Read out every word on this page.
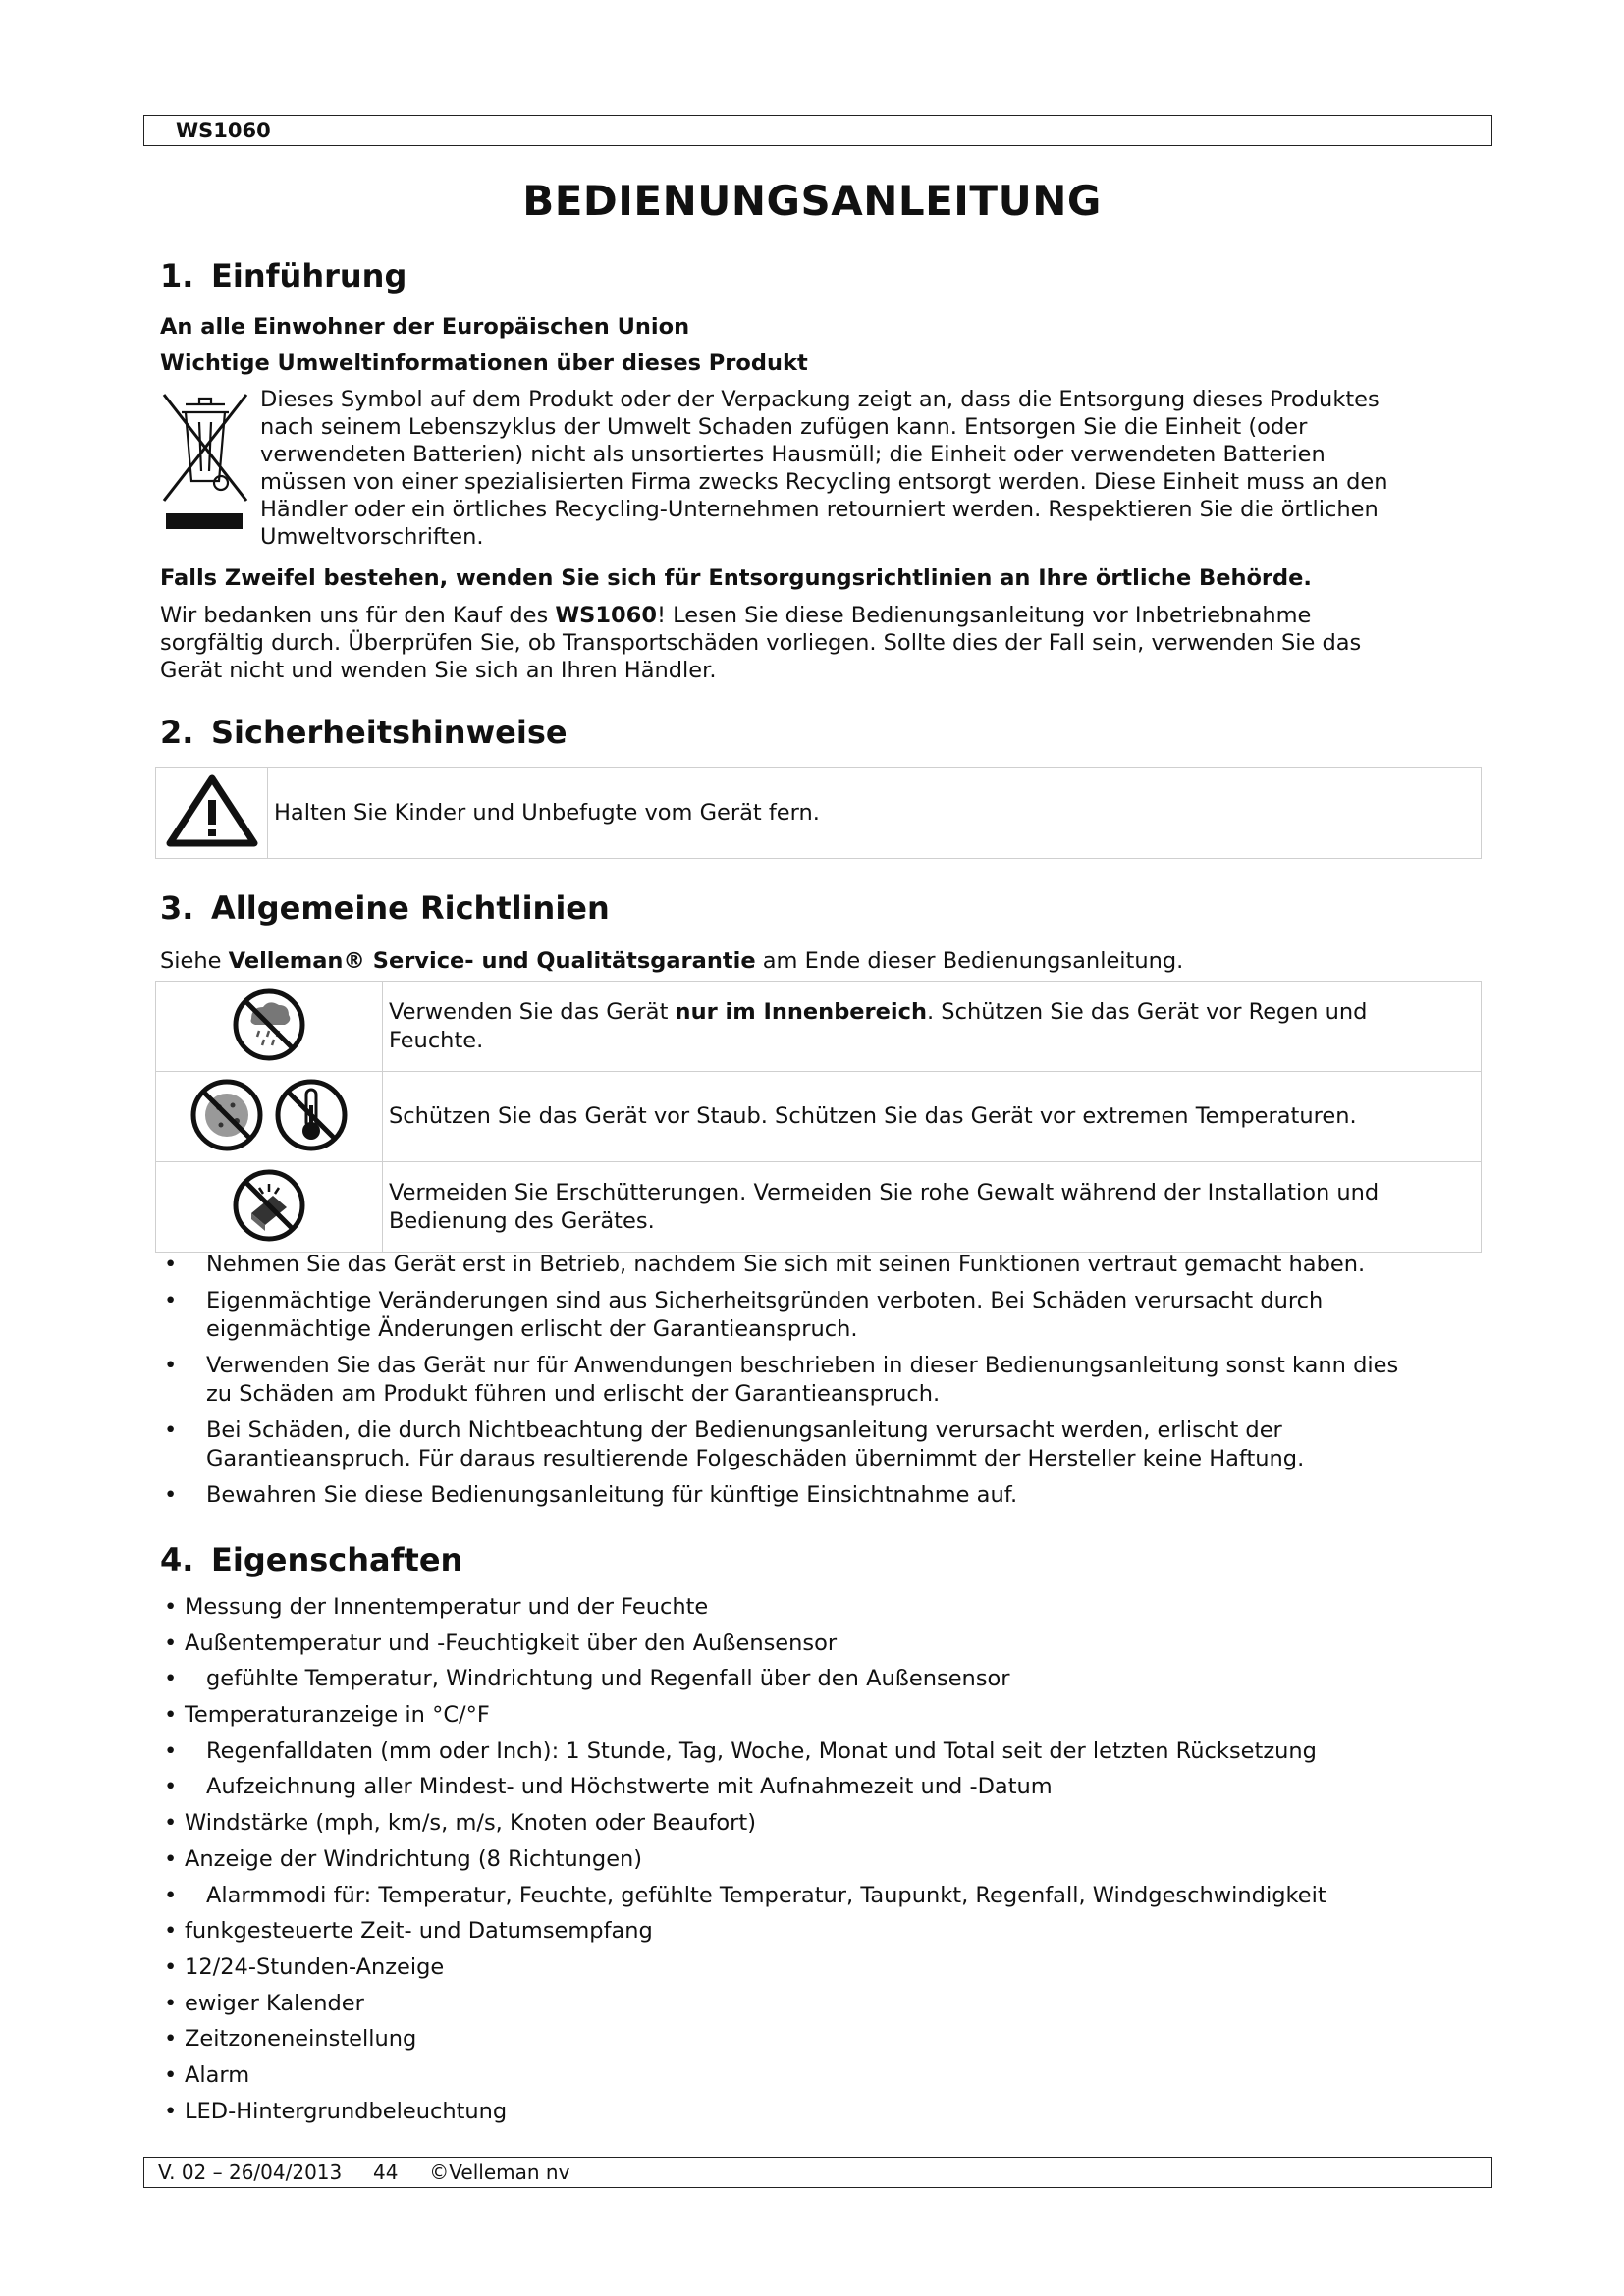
WS1060
BEDIENUNGSANLEITUNG
1. Einführung
An alle Einwohner der Europäischen Union
Wichtige Umweltinformationen über dieses Produkt
Dieses Symbol auf dem Produkt oder der Verpackung zeigt an, dass die Entsorgung dieses Produktes
nach seinem Lebenszyklus der Umwelt Schaden zufügen kann. Entsorgen Sie die Einheit (oder
verwendeten Batterien) nicht als unsortiertes Hausmüll; die Einheit oder verwendeten Batterien
müssen von einer spezialisierten Firma zwecks Recycling entsorgt werden. Diese Einheit muss an den
Händler oder ein örtliches Recycling-Unternehmen retourniert werden. Respektieren Sie die örtlichen
Umweltvorschriften.
Falls Zweifel bestehen, wenden Sie sich für Entsorgungsrichtlinien an Ihre örtliche Behörde.
Wir bedanken uns für den Kauf des WS1060! Lesen Sie diese Bedienungsanleitung vor Inbetriebnahme
sorgfältig durch. Überprüfen Sie, ob Transportschäden vorliegen. Sollte dies der Fall sein, verwenden Sie das
Gerät nicht und wenden Sie sich an Ihren Händler.
2. Sicherheitshinweise

Halten Sie Kinder und Unbefugte vom Gerät fern.
3. Allgemeine Richtlinien
Siehe Velleman® Service- und Qualitätsgarantie am Ende dieser Bedienungsanleitung.

Verwenden Sie das Gerät nur im Innenbereich. Schützen Sie das Gerät vor Regen und
Feuchte.

Schützen Sie das Gerät vor Staub. Schützen Sie das Gerät vor extremen Temperaturen.

Vermeiden Sie Erschütterungen. Vermeiden Sie rohe Gewalt während der Installation und
Bedienung des Gerätes.
• Nehmen Sie das Gerät erst in Betrieb, nachdem Sie sich mit seinen Funktionen vertraut gemacht haben.
• Eigenmächtige Veränderungen sind aus Sicherheitsgründen verboten. Bei Schäden verursacht durch
eigenmächtige Änderungen erlischt der Garantieanspruch.
• Verwenden Sie das Gerät nur für Anwendungen beschrieben in dieser Bedienungsanleitung sonst kann dies
zu Schäden am Produkt führen und erlischt der Garantieanspruch.
• Bei Schäden, die durch Nichtbeachtung der Bedienungsanleitung verursacht werden, erlischt der
Garantieanspruch. Für daraus resultierende Folgeschäden übernimmt der Hersteller keine Haftung.
• Bewahren Sie diese Bedienungsanleitung für künftige Einsichtnahme auf.
4. Eigenschaften
• Messung der Innentemperatur und der Feuchte
• Außentemperatur und -Feuchtigkeit über den Außensensor
• gefühlte Temperatur, Windrichtung und Regenfall über den Außensensor
• Temperaturanzeige in °C/°F
• Regenfalldaten (mm oder Inch): 1 Stunde, Tag, Woche, Monat und Total seit der letzten Rücksetzung
• Aufzeichnung aller Mindest- und Höchstwerte mit Aufnahmezeit und -Datum
• Windstärke (mph, km/s, m/s, Knoten oder Beaufort)
• Anzeige der Windrichtung (8 Richtungen)
• Alarmmodi für: Temperatur, Feuchte, gefühlte Temperatur, Taupunkt, Regenfall, Windgeschwindigkeit
• funkgesteuerte Zeit- und Datumsempfang
• 12/24-Stunden-Anzeige
• ewiger Kalender
• Zeitzoneneinstellung
• Alarm
• LED-Hintergrundbeleuchtung
V. 02 – 26/04/2013     44     ©Velleman nv
